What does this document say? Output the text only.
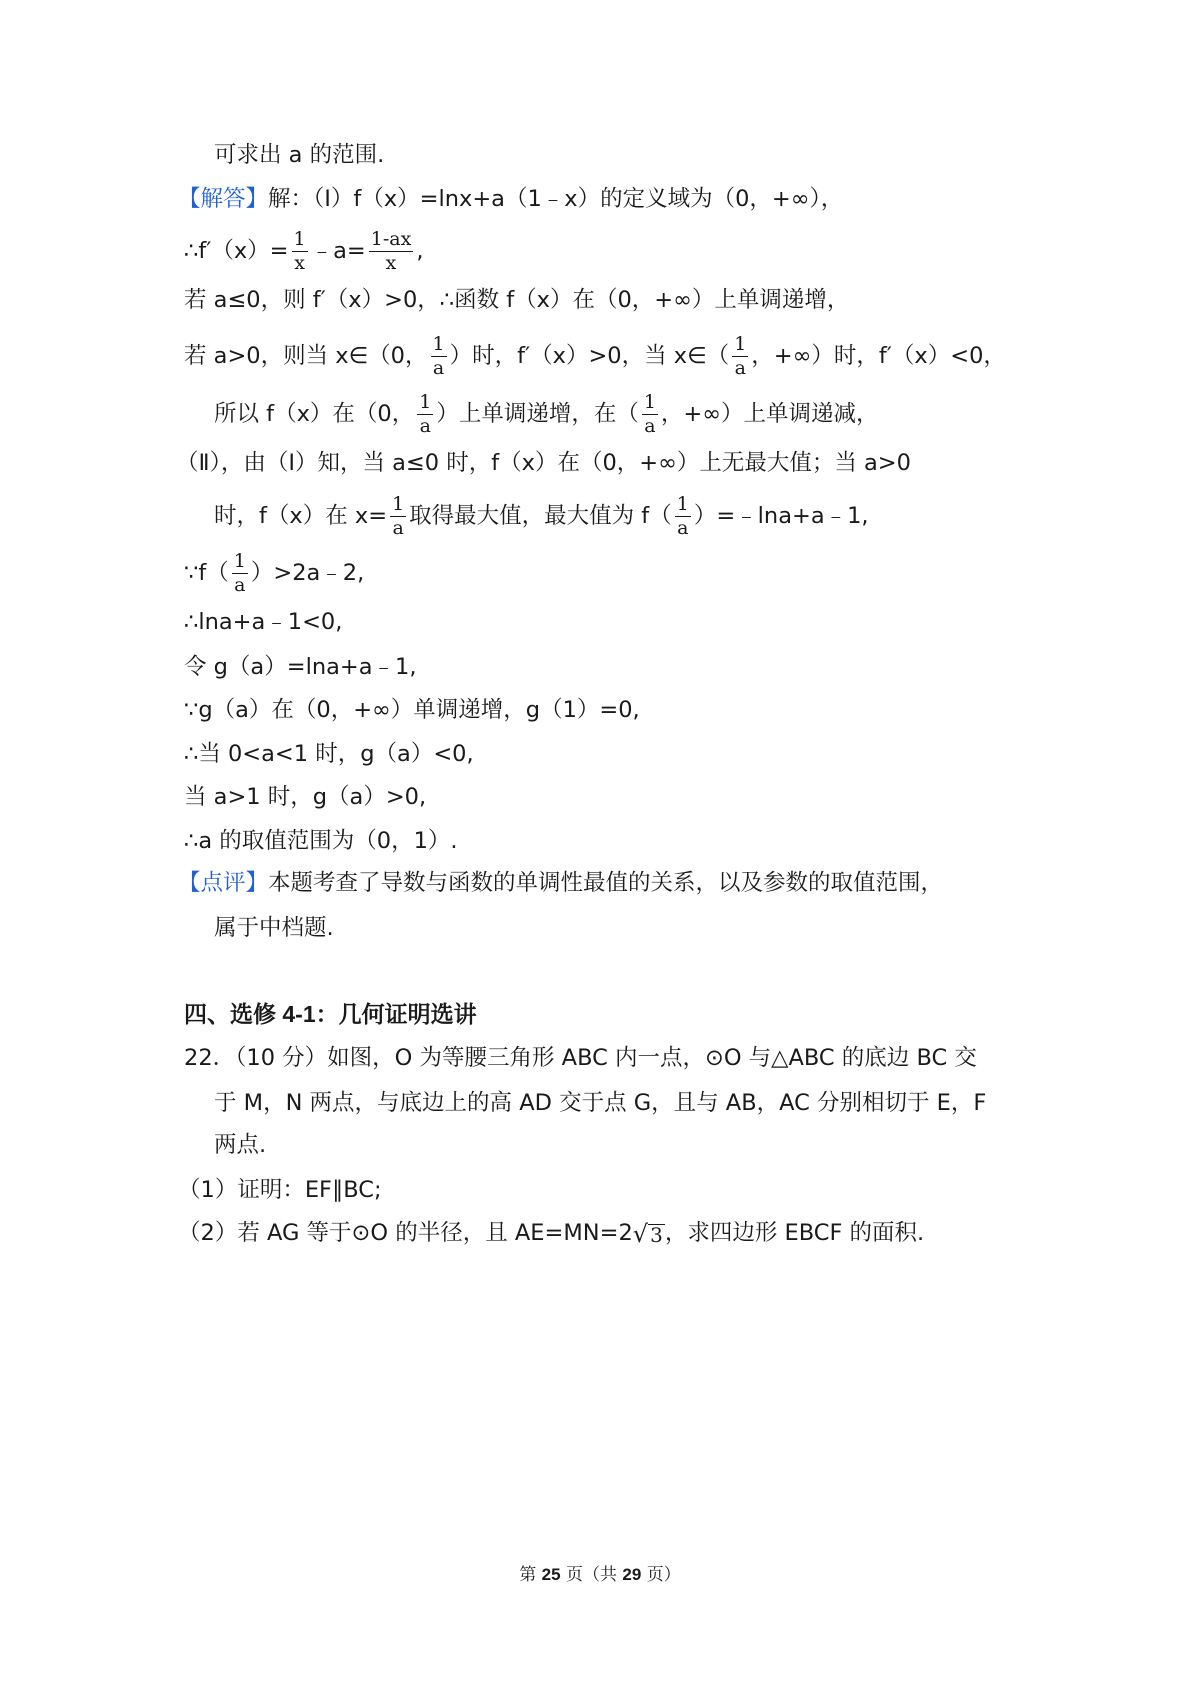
可求出 a 的范围.
【解答】解：（Ⅰ）f（x）=lnx+a（1﹣x）的定义域为（0，+∞），
∴f′（x）= $\frac{1}{x}$ ﹣a= $\frac{1-ax}{x}$ ,
若 a≤0，则 f′（x）>0，∴函数 f（x）在（0，+∞）上单调递增，
若 a>0，则当 x∈（0， $\frac{1}{a}$ ）时，f′（x）>0，当 x∈（ $\frac{1}{a}$ ，+∞）时，f′（x）<0，
所以 f（x）在（0， $\frac{1}{a}$ ）上单调递增，在（ $\frac{1}{a}$ ，+∞）上单调递减，
（Ⅱ），由（Ⅰ）知，当 a≤0 时，f（x）在（0，+∞）上无最大值；当 a>0
时，f（x）在 $x= \frac{1}{a}$ 取得最大值，最大值为 $f( \frac{1}{a}$ ）=﹣lna+a﹣1,
∵f（ $\frac{1}{a}$ ）>2a﹣2,
∴lna+a﹣1<0,
令 g（a）=lna+a﹣1,
∵g（a）在（0，+∞）单调递增，g（1）=0,
∴当 0<a<1 时，g（a）<0,
当 a>1 时，g（a）>0,
∴a 的取值范围为（0，1）.
【点评】本题考查了导数与函数的单调性最值的关系，以及参数的取值范围，
属于中档题.
四、选修 4-1：几何证明选讲
22．（10 分）如图，O 为等腰三角形 ABC 内一点，⊙O 与△ABC 的底边 BC 交
于 M，N 两点，与底边上的高 AD 交于点 G，且与 AB，AC 分别相切于 E，F
两点.
（1）证明：EF∥BC;
（2）若 AG 等于⊙O 的半径，且 AE=MN=2 √ 3 ，求四边形 EBCF 的面积.
第 25 页（共 29 页）
